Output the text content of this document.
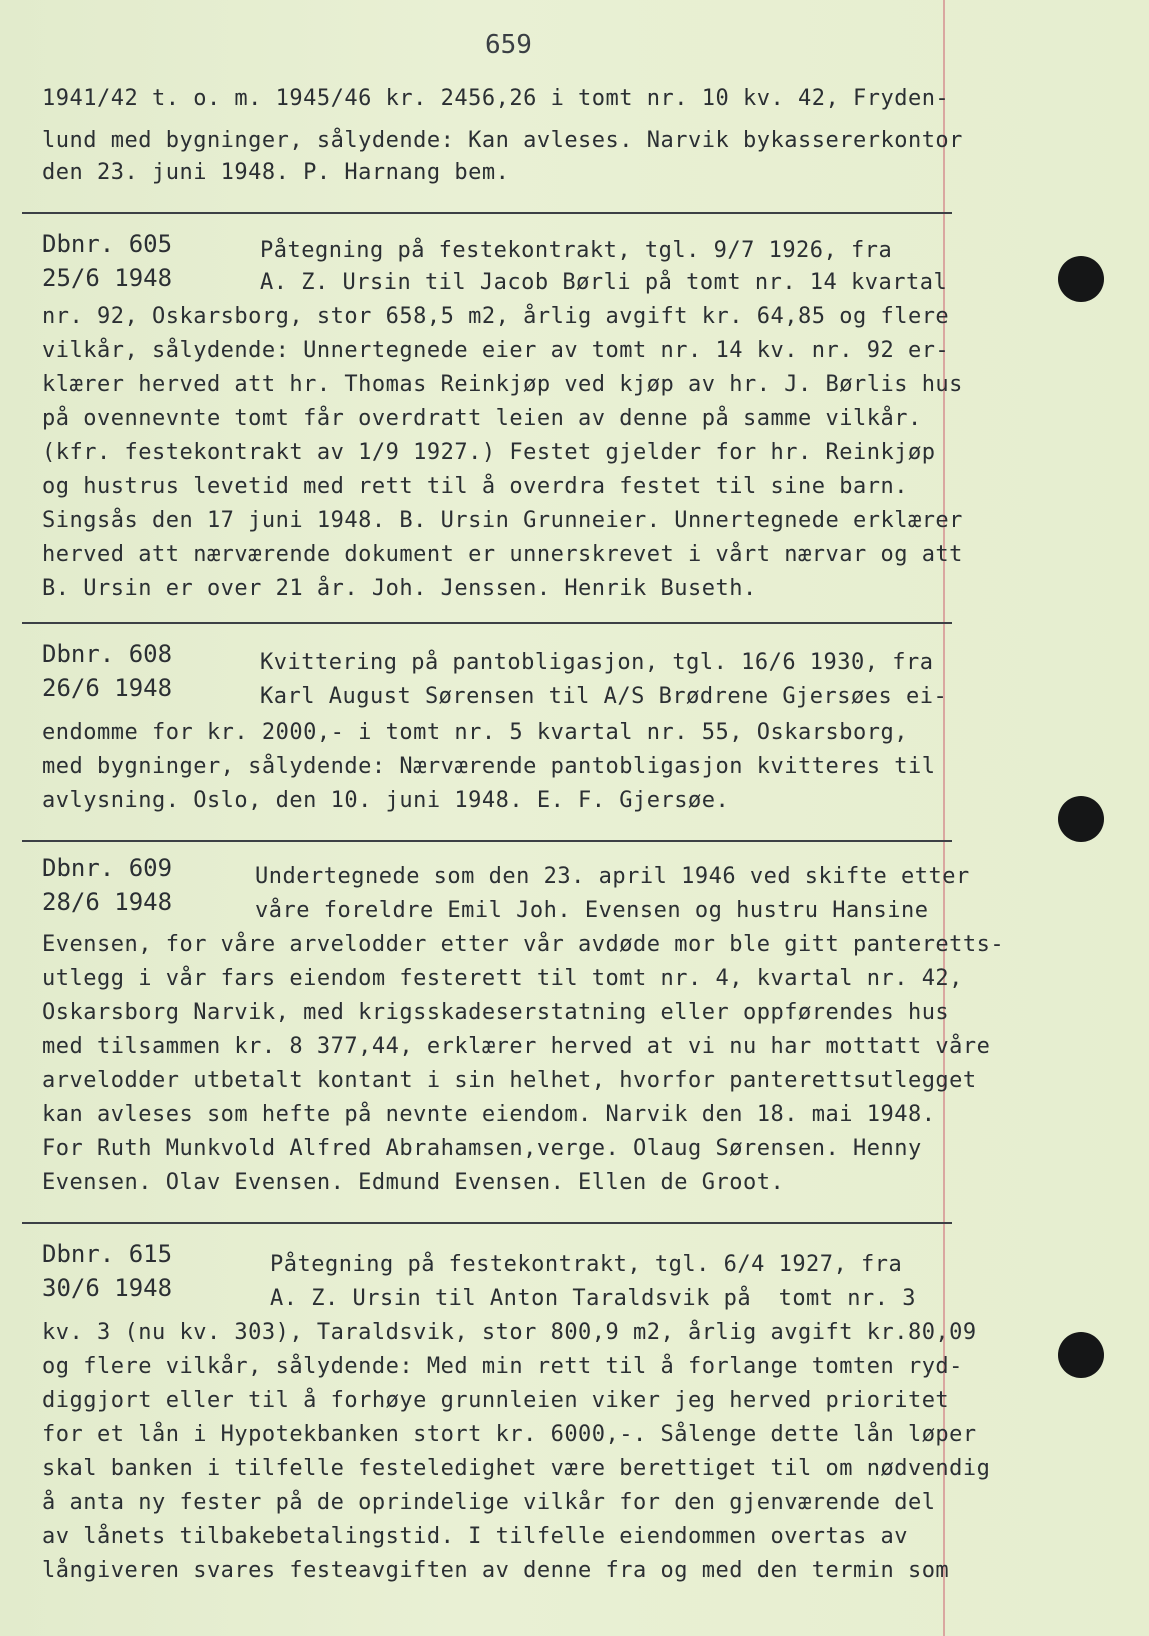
659
1941/42 t. o. m. 1945/46 kr. 2456,26 i tomt nr. 10 kv. 42, Fryden-
lund med bygninger, sålydende: Kan avleses. Narvik bykassererkontor
den 23. juni 1948. P. Harnang bem.
Dbnr. 605
25/6 1948
Påtegning på festekontrakt, tgl. 9/7 1926, fra
A. Z. Ursin til Jacob Børli på tomt nr. 14 kvartal
nr. 92, Oskarsborg, stor 658,5 m2, årlig avgift kr. 64,85 og flere
vilkår, sålydende: Unnertegnede eier av tomt nr. 14 kv. nr. 92 er-
klærer herved att hr. Thomas Reinkjøp ved kjøp av hr. J. Børlis hus
på ovennevnte tomt får overdratt leien av denne på samme vilkår.
(kfr. festekontrakt av 1/9 1927.) Festet gjelder for hr. Reinkjøp
og hustrus levetid med rett til å overdra festet til sine barn.
Singsås den 17 juni 1948. B. Ursin Grunneier. Unnertegnede erklærer
herved att nærværende dokument er unnerskrevet i vårt nærvar og att
B. Ursin er over 21 år. Joh. Jenssen. Henrik Buseth.
Dbnr. 608
26/6 1948
Kvittering på pantobligasjon, tgl. 16/6 1930, fra
Karl August Sørensen til A/S Brødrene Gjersøes ei-
endomme for kr. 2000,- i tomt nr. 5 kvartal nr. 55, Oskarsborg,
med bygninger, sålydende: Nærværende pantobligasjon kvitteres til
avlysning. Oslo, den 10. juni 1948. E. F. Gjersøe.
Dbnr. 609
28/6 1948
Undertegnede som den 23. april 1946 ved skifte etter
våre foreldre Emil Joh. Evensen og hustru Hansine
Evensen, for våre arvelodder etter vår avdøde mor ble gitt panteretts-
utlegg i vår fars eiendom festerett til tomt nr. 4, kvartal nr. 42,
Oskarsborg Narvik, med krigsskadeserstatning eller oppførendes hus
med tilsammen kr. 8 377,44, erklærer herved at vi nu har mottatt våre
arvelodder utbetalt kontant i sin helhet, hvorfor panterettsutlegget
kan avleses som hefte på nevnte eiendom. Narvik den 18. mai 1948.
For Ruth Munkvold Alfred Abrahamsen,verge. Olaug Sørensen. Henny
Evensen. Olav Evensen. Edmund Evensen. Ellen de Groot.
Dbnr. 615
30/6 1948
Påtegning på festekontrakt, tgl. 6/4 1927, fra
A. Z. Ursin til Anton Taraldsvik på  tomt nr. 3
kv. 3 (nu kv. 303), Taraldsvik, stor 800,9 m2, årlig avgift kr.80,09
og flere vilkår, sålydende: Med min rett til å forlange tomten ryd-
diggjort eller til å forhøye grunnleien viker jeg herved prioritet
for et lån i Hypotekbanken stort kr. 6000,-. Sålenge dette lån løper
skal banken i tilfelle festeledighet være berettiget til om nødvendig
å anta ny fester på de oprindelige vilkår for den gjenværende del
av lånets tilbakebetalingstid. I tilfelle eiendommen overtas av
långiveren svares festeavgiften av denne fra og med den termin som
